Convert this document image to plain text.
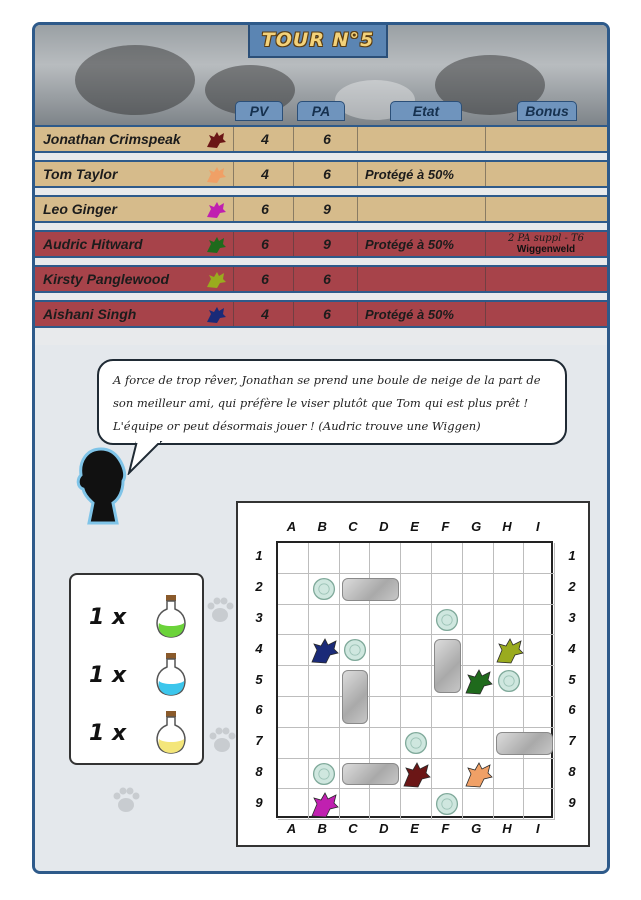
TOUR N°5
PV	PA	Etat	Bonus
Jonathan Crimspeak	4	6
Tom Taylor	4	6	Protégé à 50%
Leo Ginger	6	9
Audric Hitward	6	9	Protégé à 50%	2 PA suppl - T6
Wiggenweld
Kirsty Panglewood	6	6
Aishani Singh	4	6	Protégé à 50%
A force de trop rêver, Jonathan se prend une boule de neige de la part de son meilleur ami, qui préfère le viser plutôt que Tom qui est plus prêt ! L'équipe or peut désormais jouer ! (Audric trouve une Wiggen)
1 x
1 x
1 x
A
A
B
B
C
C
D
D
E
E
F
F
G
G
H
H
I
I
1	1
2	2
3	3
4	4
5	5
6	6
7	7
8	8
9	9
